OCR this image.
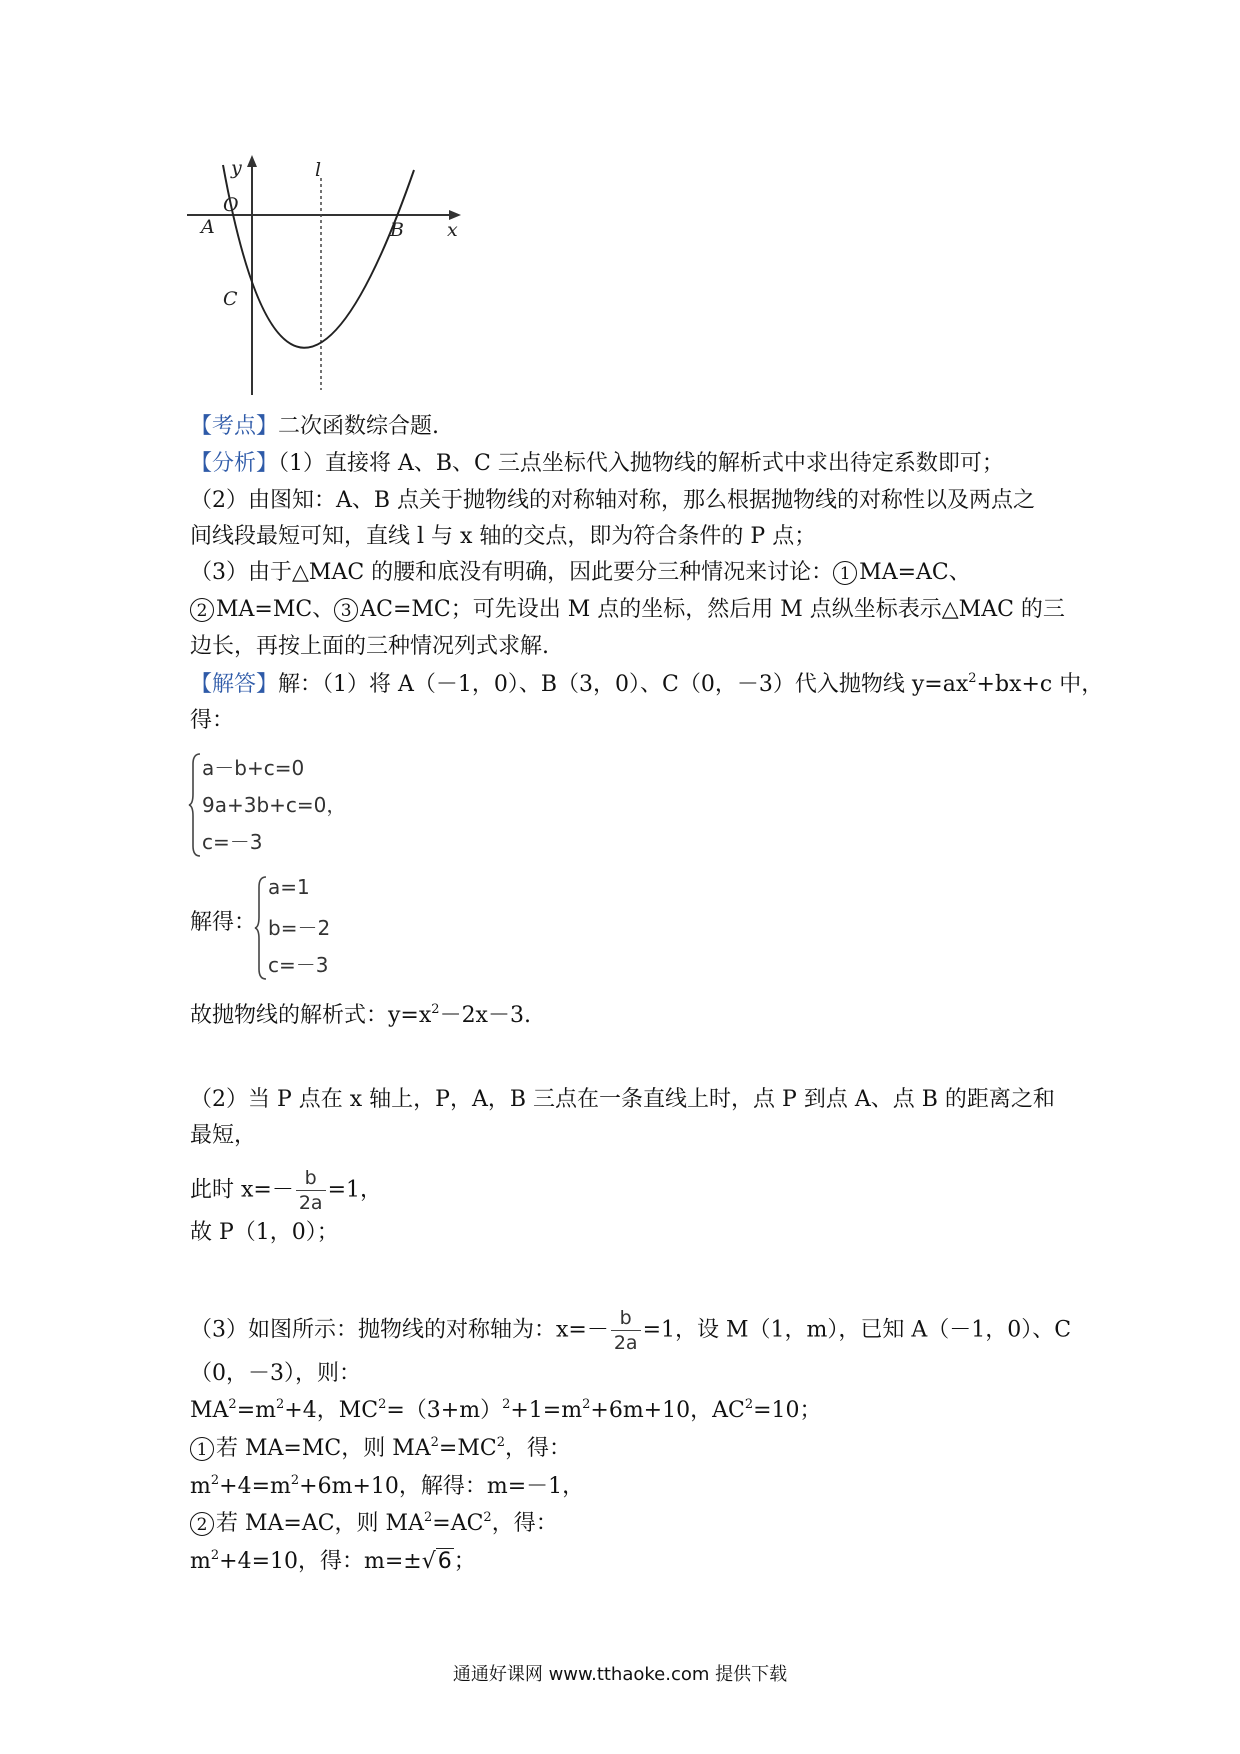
y	l
O
A	B x
C
【考点】二次函数综合题.
【分析】（1）直接将 A、B、C 三点坐标代入抛物线的解析式中求出待定系数即可；
（2）由图知：A、B 点关于抛物线的对称轴对称，那么根据抛物线的对称性以及两点之
间线段最短可知，直线 l 与 x 轴的交点，即为符合条件的 P 点；
（3）由于△MAC 的腰和底没有明确，因此要分三种情况来讨论： 1 MA=AC、
2 MA=MC、 3 AC=MC；可先设出 M 点的坐标，然后用 M 点纵坐标表示△MAC 的三
边长，再按上面的三种情况列式求解.
【解答】解：（1）将 A（－1，0）、B（3，0）、C（0，－3）代入抛物线 $y=ax^2+bx+c$ 中，
得：
a－b+c=0
9a+3b+c=0，
c=－3
解得：
a=1
b=－2
c=－3
故抛物线的解析式：$y=x^2-2x-3$.
（2）当 P 点在 x 轴上，P，A，B 三点在一条直线上时，点 P 到点 A、点 B 的距离之和
最短，
此时 $x=- \frac{b}{2a} =1$，
故 P（1，0）；
（3）如图所示：抛物线的对称轴为：$x=- \frac{b}{2a} =1$，设 M（1，m），已知 A（－1，0）、C
（0，－3），则：
$MA^2=m^2+4$，$MC^2=(3+m)^2+1=m^2+6m+10$，$AC^2=10$；
1 若 MA=MC，则 $MA^2=MC^2$，得：
$m^2+4=m^2+6m+10$，解得：m=－1，
2 若 MA=AC，则 $MA^2=AC^2$，得：
$m^2+4=10$，得：m=±√6；
通通好课网 www.tthaoke.com 提供下载
